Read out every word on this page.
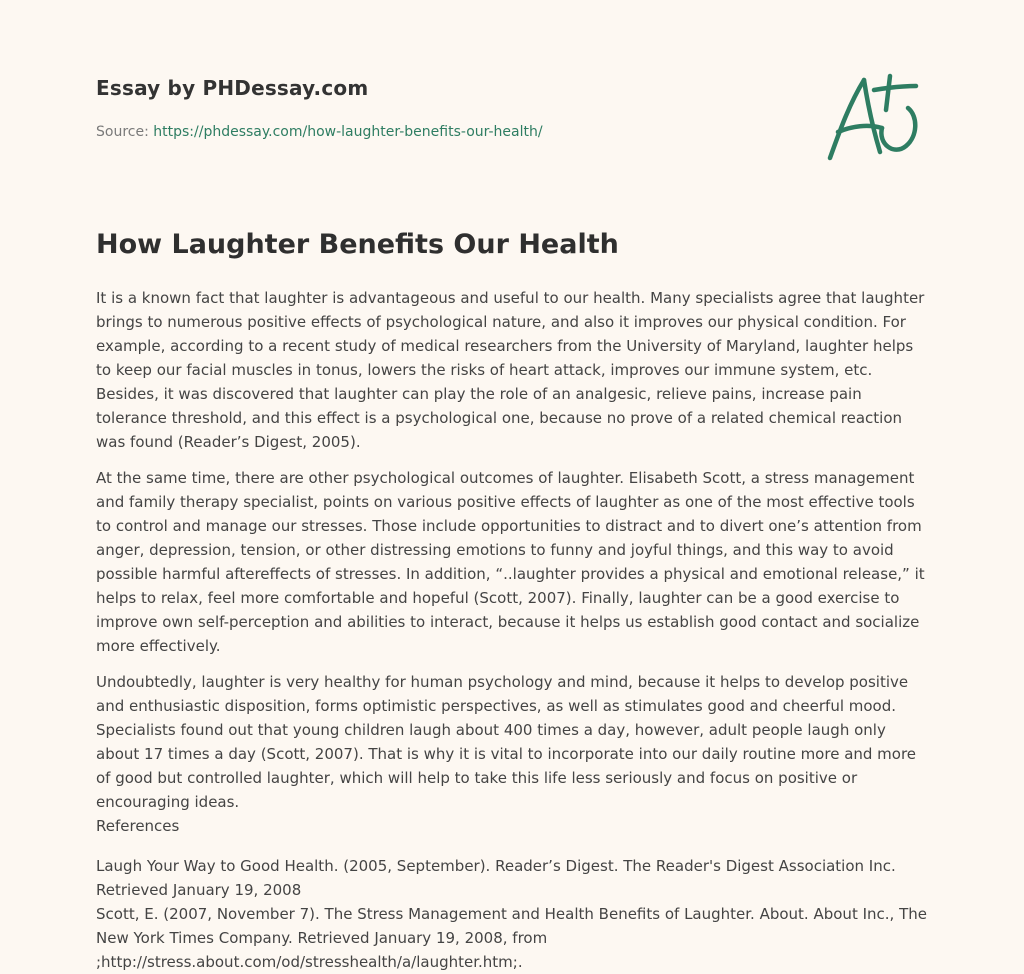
Essay by PHDessay.com
Source: https://phdessay.com/how-laughter-benefits-our-health/
How Laughter Benefits Our Health

It is a known fact that laughter is advantageous and useful to our health. Many specialists agree that laughter brings to numerous positive effects of psychological nature, and also it improves our physical condition. For example, according to a recent study of medical researchers from the University of Maryland, laughter helps to keep our facial muscles in tonus, lowers the risks of heart attack, improves our immune system, etc. Besides, it was discovered that laughter can play the role of an analgesic, relieve pains, increase pain tolerance threshold, and this effect is a psychological one, because no prove of a related chemical reaction was found (Reader’s Digest, 2005).

At the same time, there are other psychological outcomes of laughter. Elisabeth Scott, a stress management and family therapy specialist, points on various positive effects of laughter as one of the most effective tools to control and manage our stresses. Those include opportunities to distract and to divert one’s attention from anger, depression, tension, or other distressing emotions to funny and joyful things, and this way to avoid possible harmful aftereffects of stresses. In addition, “..laughter provides a physical and emotional release,” it helps to relax, feel more comfortable and hopeful (Scott, 2007). Finally, laughter can be a good exercise to improve own self-perception and abilities to interact, because it helps us establish good contact and socialize more effectively.

Undoubtedly, laughter is very healthy for human psychology and mind, because it helps to develop positive and enthusiastic disposition, forms optimistic perspectives, as well as stimulates good and cheerful mood. Specialists found out that young children laugh about 400 times a day, however, adult people laugh only about 17 times a day (Scott, 2007). That is why it is vital to incorporate into our daily routine more and more of good but controlled laughter, which will help to take this life less seriously and focus on positive or encouraging ideas.

References

Laugh Your Way to Good Health. (2005, September). Reader’s Digest. The Reader's Digest Association Inc. Retrieved January 19, 2008

Scott, E. (2007, November 7). The Stress Management and Health Benefits of Laughter. About. About Inc., The New York Times Company. Retrieved January 19, 2008, from ;http://stress.about.com/od/stresshealth/a/laughter.htm;.
